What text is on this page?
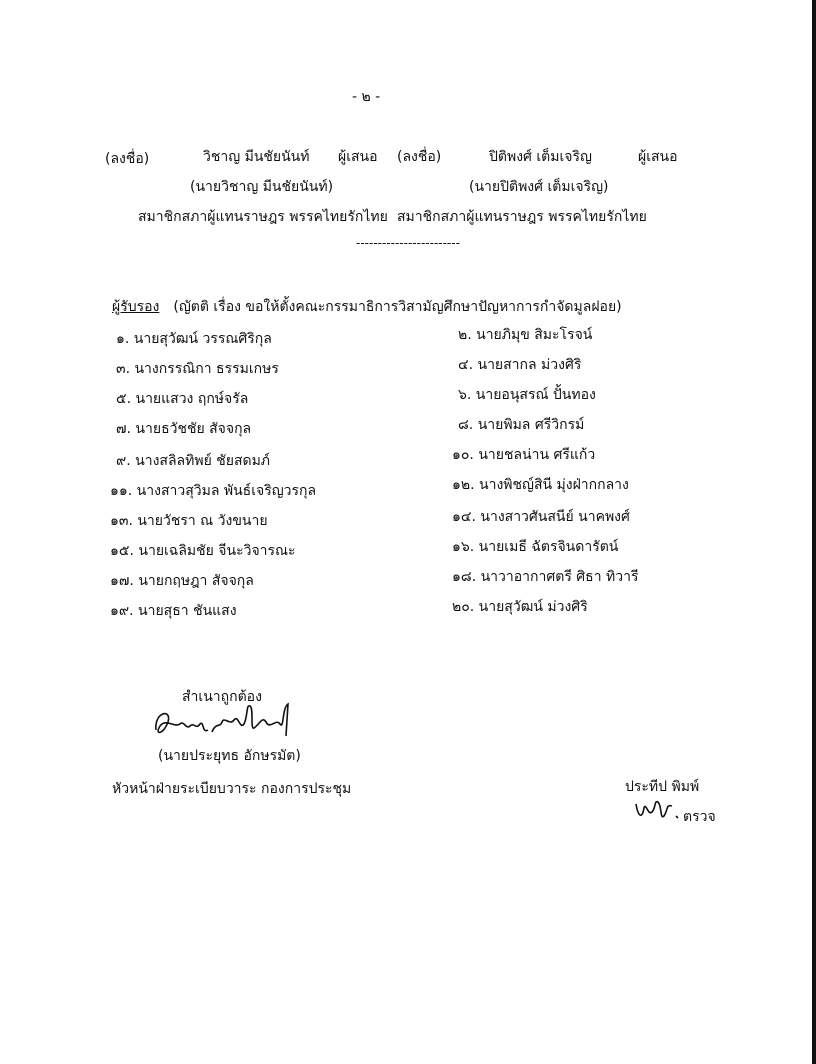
- ๒ -
(ลงชื่อ)	วิชาญ มีนชัยนันท์ ผู้เสนอ
(นายวิชาญ มีนชัยนันท์)
สมาชิกสภาผู้แทนราษฎร พรรคไทยรักไทย
(ลงชื่อ)	ปิติพงศ์ เต็มเจริญ	ผู้เสนอ
(นายปิติพงศ์ เต็มเจริญ)
สมาชิกสภาผู้แทนราษฎร พรรคไทยรักไทย
------------------------
ผู้รับรอง (ญัตติ เรื่อง ขอให้ตั้งคณะกรรมาธิการวิสามัญศึกษาปัญหาการกำจัดมูลฝอย)
๑. นายสุวัฒน์ วรรณศิริกุล
๓. นางกรรณิกา ธรรมเกษร
๕. นายแสวง ฤกษ์จรัล
๗. นายธวัชชัย สัจจกุล
๙. นางสลิลทิพย์ ชัยสดมภ์
๑๑. นางสาวสุวิมล พันธ์เจริญวรกุล
๑๓. นายวัชรา ณ วังขนาย
๑๕. นายเฉลิมชัย จีนะวิจารณะ
๑๗. นายกฤษฎา สัจจกุล
๑๙. นายสุธา ชันแสง
๒. นายภิมุข สิมะโรจน์
๔. นายสากล ม่วงศิริ
๖. นายอนุสรณ์ ปั้นทอง
๘. นายพิมล ศรีวิกรม์
๑๐. นายชลน่าน ศรีแก้ว
๑๒. นางพิชญ์สินี มุ่งฝ่ากกลาง
๑๔. นางสาวศันสนีย์ นาคพงศ์
๑๖. นายเมธี ฉัตรจินดารัตน์
๑๘. นาวาอากาศตรี ศิธา ทิวารี
๒๐. นายสุวัฒน์ ม่วงศิริ
สำเนาถูกต้อง
(นายประยุทธ อักษรมัต)
หัวหน้าฝ่ายระเบียบวาระ กองการประชุม	ประทีป พิมพ์
ตรวจ
